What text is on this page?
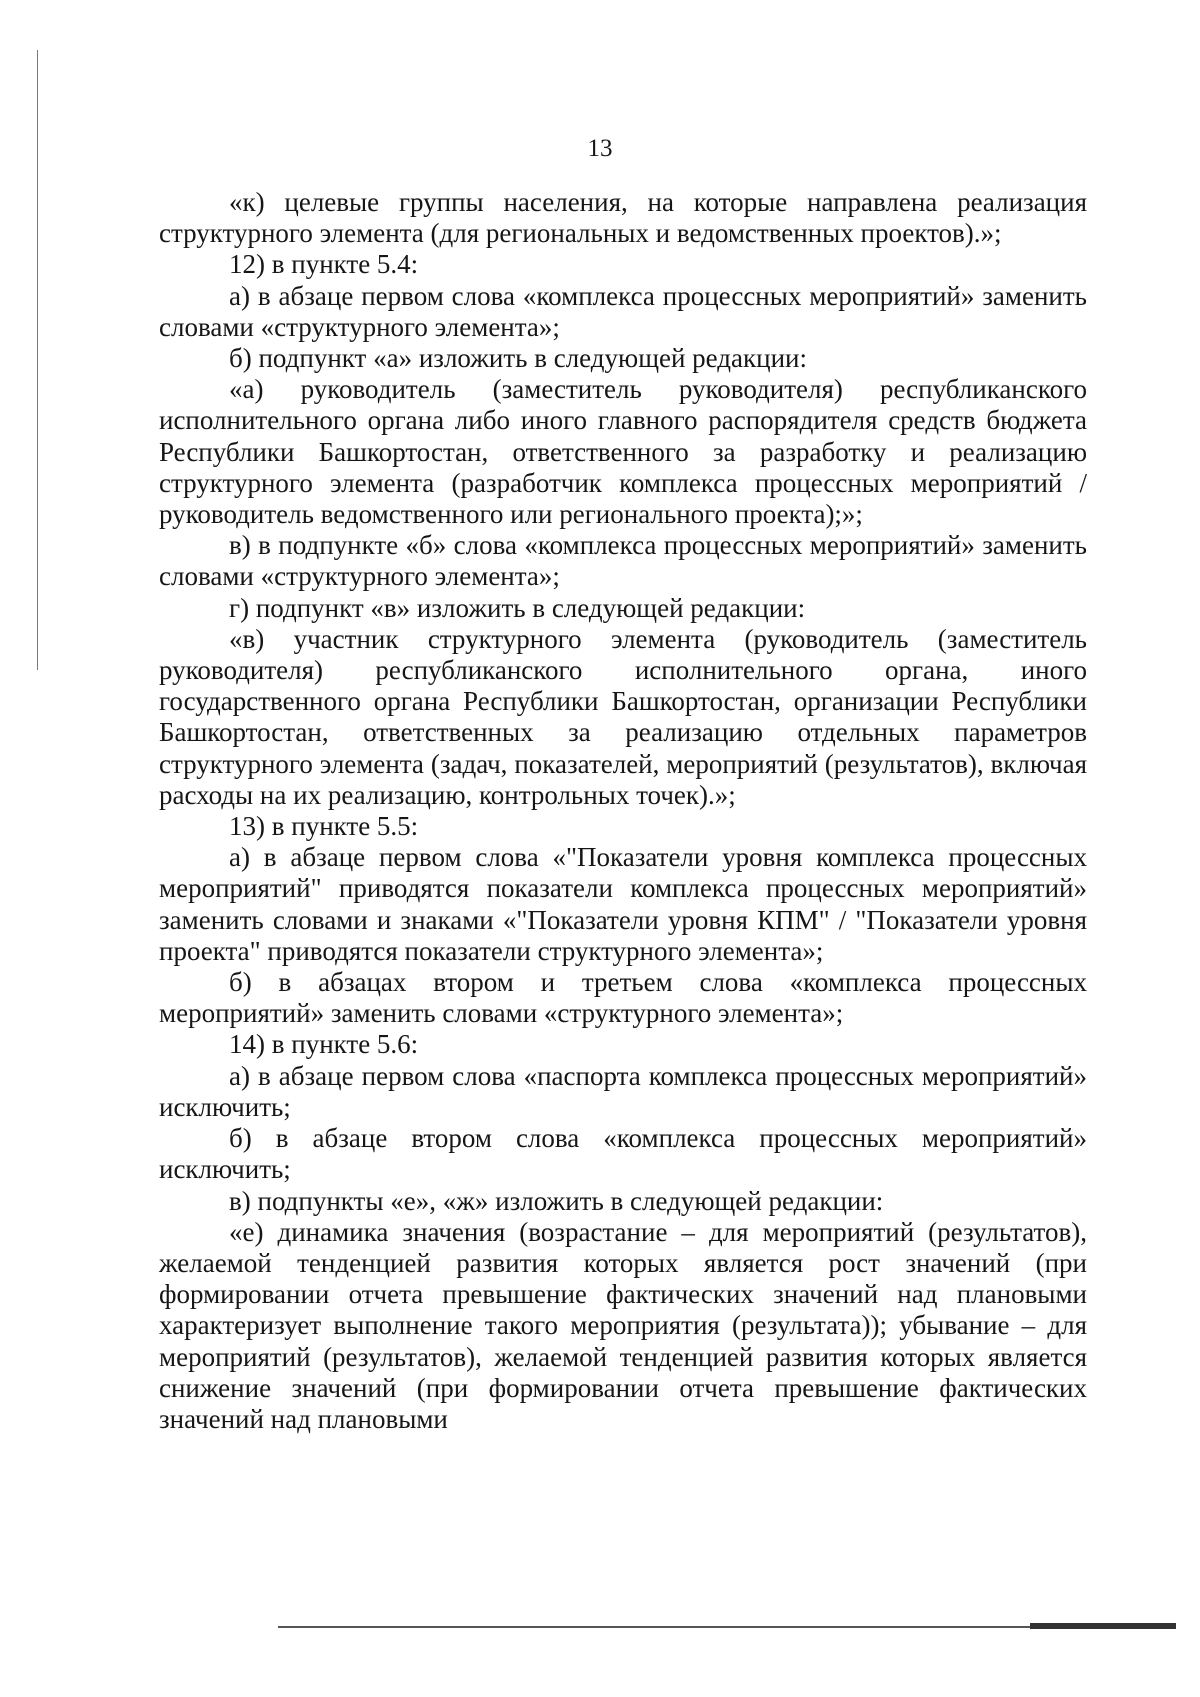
13

«к) целевые группы населения, на которые направлена реализация структурного элемента (для региональных и ведомственных проектов).»;

12) в пункте 5.4:

а) в абзаце первом слова «комплекса процессных мероприятий» заменить словами «структурного элемента»;

б) подпункт «а» изложить в следующей редакции:

«а) руководитель (заместитель руководителя) республиканского исполнительного органа либо иного главного распорядителя средств бюджета Республики Башкортостан, ответственного за разработку и реализацию структурного элемента (разработчик комплекса процессных мероприятий / руководитель ведомственного или регионального проекта);»;

в) в подпункте «б» слова «комплекса процессных мероприятий» заменить словами «структурного элемента»;

г) подпункт «в» изложить в следующей редакции:

«в) участник структурного элемента (руководитель (заместитель руководителя) республиканского исполнительного органа, иного государственного органа Республики Башкортостан, организации Республики Башкортостан, ответственных за реализацию отдельных параметров структурного элемента (задач, показателей, мероприятий (результатов), включая расходы на их реализацию, контрольных точек).»;

13) в пункте 5.5:

а) в абзаце первом слова «"Показатели уровня комплекса процессных мероприятий" приводятся показатели комплекса процессных мероприятий» заменить словами и знаками «"Показатели уровня КПМ" / "Показатели уровня проекта" приводятся показатели структурного элемента»;

б) в абзацах втором и третьем слова «комплекса процессных мероприятий» заменить словами «структурного элемента»;

14) в пункте 5.6:

а) в абзаце первом слова «паспорта комплекса процессных мероприятий» исключить;

б) в абзаце втором слова «комплекса процессных мероприятий» исключить;

в) подпункты «е», «ж» изложить в следующей редакции:

«е) динамика значения (возрастание – для мероприятий (результатов), желаемой тенденцией развития которых является рост значений (при формировании отчета превышение фактических значений над плановыми характеризует выполнение такого мероприятия (результата)); убывание – для мероприятий (результатов), желаемой тенденцией развития которых является снижение значений (при формировании отчета превышение фактических значений над плановыми
